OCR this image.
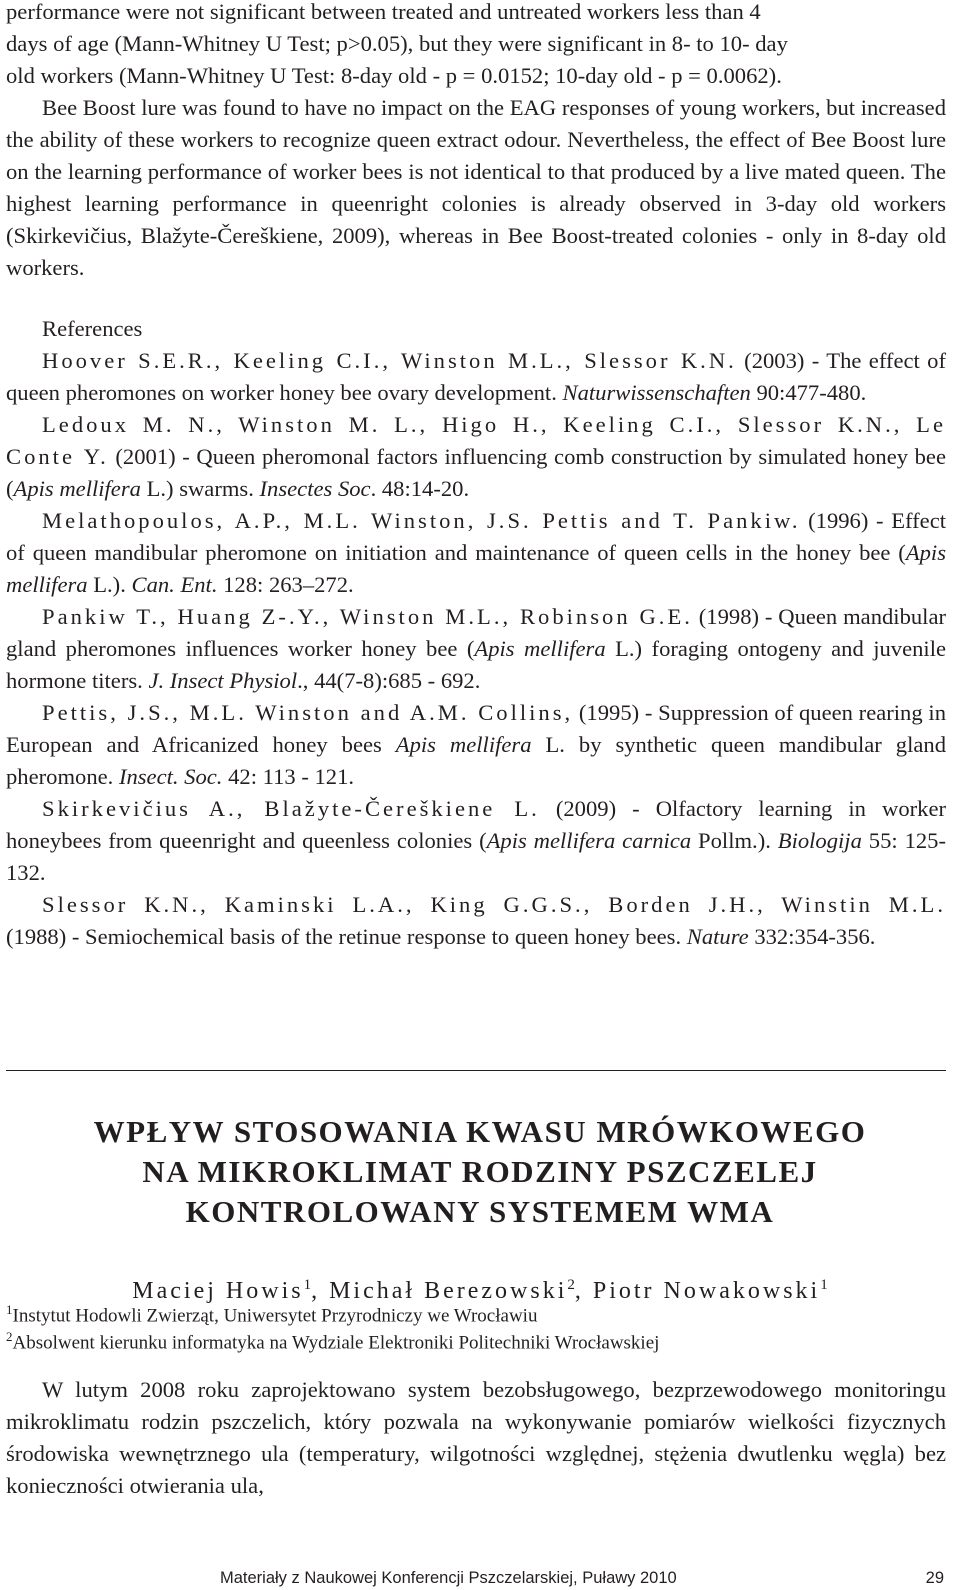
performance were not significant between treated and untreated workers less than 4
days of age (Mann-Whitney U Test; p>0.05), but they were significant in 8- to 10- day
old workers (Mann-Whitney U Test: 8-day old - p = 0.0152; 10-day old - p = 0.0062).

Bee Boost lure was found to have no impact on the EAG responses of young workers, but increased the ability of these workers to recognize queen extract odour. Nevertheless, the effect of Bee Boost lure on the learning performance of worker bees is not identical to that produced by a live mated queen. The highest learning performance in queenright colonies is already observed in 3-day old workers (Skirkevičius, Blažyte-Čereškiene, 2009), whereas in Bee Boost-treated colonies - only in 8-day old workers.

References

Hoover S.E.R., Keeling C.I., Winston M.L., Slessor K.N. (2003) - The effect of queen pheromones on worker honey bee ovary development. Naturwissenschaften 90:477-480.

Ledoux M. N., Winston M. L., Higo H., Keeling C.I., Slessor K.N., Le Conte Y. (2001) - Queen pheromonal factors influencing comb construction by simulated honey bee (Apis mellifera L.) swarms. Insectes Soc. 48:14-20.

Melathopoulos, A.P., M.L. Winston, J.S. Pettis and T. Pankiw. (1996) - Effect of queen mandibular pheromone on initiation and maintenance of queen cells in the honey bee (Apis mellifera L.). Can. Ent. 128: 263–272.

Pankiw T., Huang Z-.Y., Winston M.L., Robinson G.E. (1998) - Queen mandibular gland pheromones influences worker honey bee (Apis mellifera L.) foraging ontogeny and juvenile hormone titers. J. Insect Physiol., 44(7-8):685 - 692.

Pettis, J.S., M.L. Winston and A.M. Collins, (1995) - Suppression of queen rearing in European and Africanized honey bees Apis mellifera L. by synthetic queen mandibular gland pheromone. Insect. Soc. 42: 113 - 121.

Skirkevičius A., Blažyte-Čereškiene L. (2009) - Olfactory learning in worker honeybees from queenright and queenless colonies (Apis mellifera carnica Pollm.). Biologija 55: 125-132.

Slessor K.N., Kaminski L.A., King G.G.S., Borden J.H., Winstin M.L. (1988) - Semiochemical basis of the retinue response to queen honey bees. Nature 332:354-356.

WPŁYW STOSOWANIA KWASU MRÓWKOWEGO
NA MIKROKLIMAT RODZINY PSZCZELEJ
KONTROLOWANY SYSTEMEM WMA
Maciej Howis$^1$, Michał Berezowski$^2$, Piotr Nowakowski$^1$
$^1$Instytut Hodowli Zwierząt, Uniwersytet Przyrodniczy we Wrocławiu
$^2$Absolwent kierunku informatyka na Wydziale Elektroniki Politechniki Wrocławskiej
W lutym 2008 roku zaprojektowano system bezobsługowego, bezprzewodowego monitoringu mikroklimatu rodzin pszczelich, który pozwala na wykonywanie pomiarów wielkości fizycznych środowiska wewnętrznego ula (temperatury, wilgotności względnej, stężenia dwutlenku węgla) bez konieczności otwierania ula,
Materiały z Naukowej Konferencji Pszczelarskiej, Puławy 2010	29
